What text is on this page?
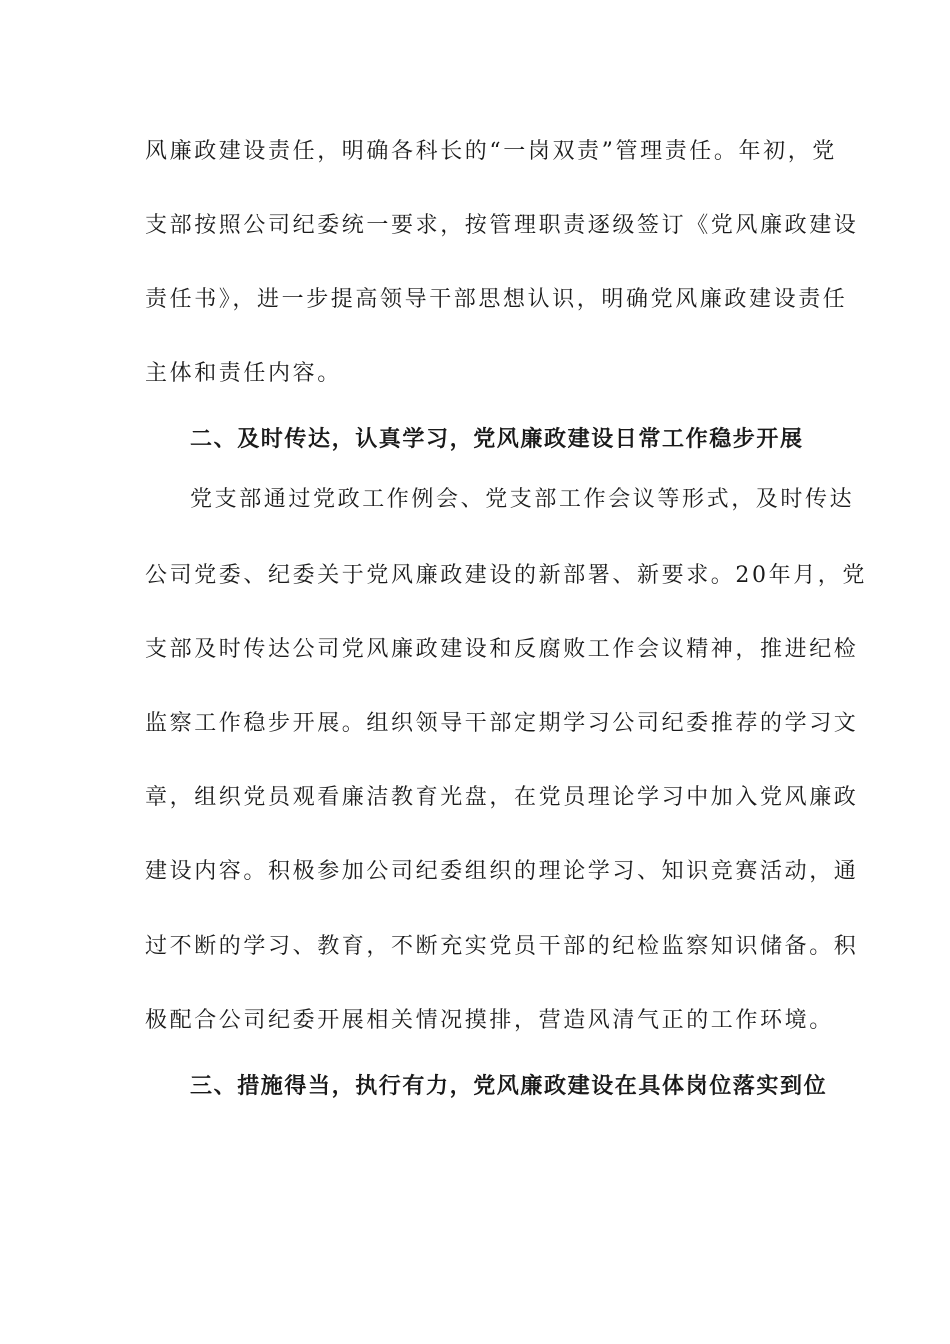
风廉政建设责任，明确各科长的“一岗双责”管理责任。年初，党
支部按照公司纪委统一要求，按管理职责逐级签订《党风廉政建设
责任书》，进一步提高领导干部思想认识，明确党风廉政建设责任
主体和责任内容。
二、及时传达，认真学习，党风廉政建设日常工作稳步开展
党支部通过党政工作例会、党支部工作会议等形式，及时传达
公司党委、纪委关于党风廉政建设的新部署、新要求。20年月，党
支部及时传达公司党风廉政建设和反腐败工作会议精神，推进纪检
监察工作稳步开展。组织领导干部定期学习公司纪委推荐的学习文
章，组织党员观看廉洁教育光盘，在党员理论学习中加入党风廉政
建设内容。积极参加公司纪委组织的理论学习、知识竞赛活动，通
过不断的学习、教育，不断充实党员干部的纪检监察知识储备。积
极配合公司纪委开展相关情况摸排，营造风清气正的工作环境。
三、措施得当，执行有力，党风廉政建设在具体岗位落实到位
